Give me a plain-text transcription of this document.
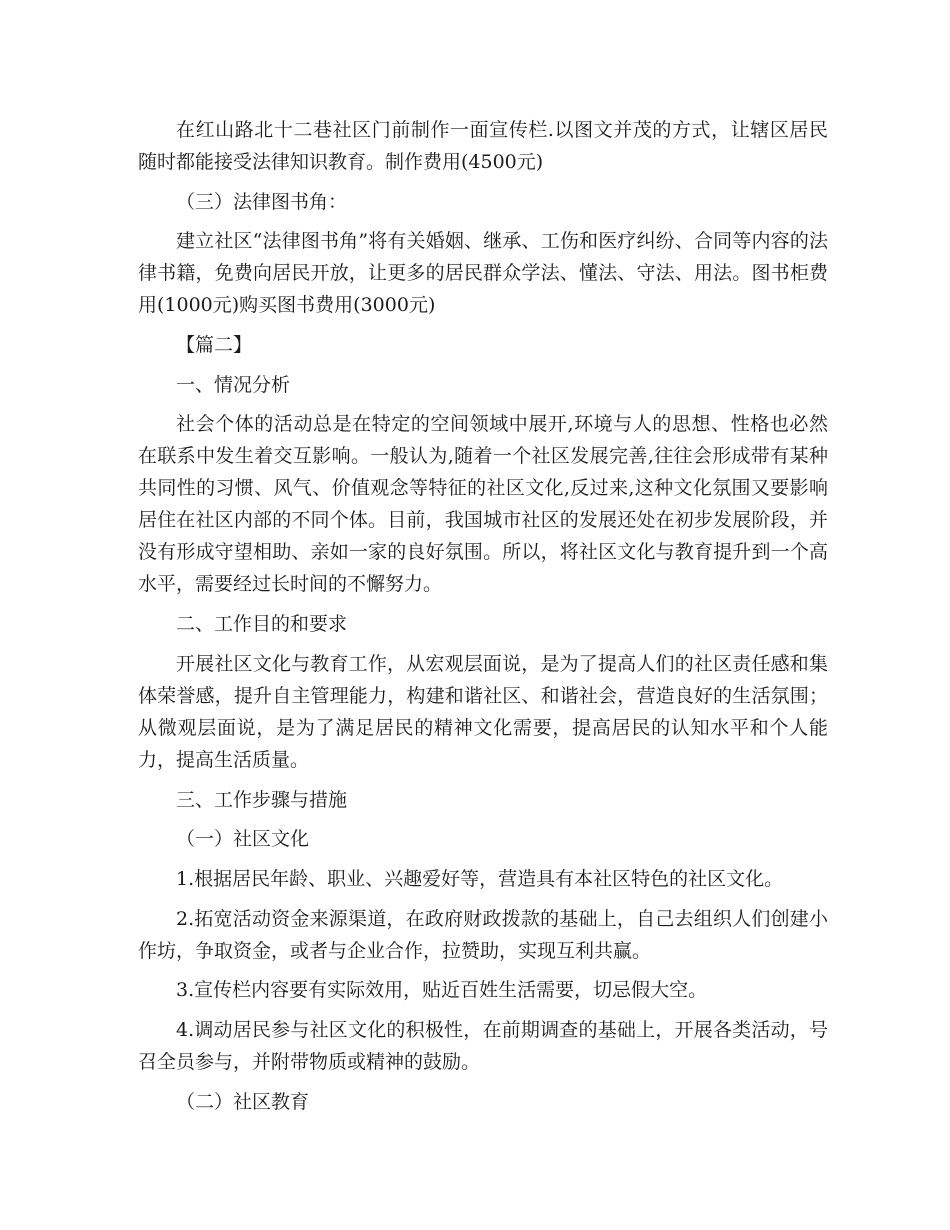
在红山路北十二巷社区门前制作一面宣传栏.以图文并茂的方式，让辖区居民随时都能接受法律知识教育。制作费用(4500元)

（三）法律图书角：

建立社区“法律图书角”将有关婚姻、继承、工伤和医疗纠纷、合同等内容的法律书籍，免费向居民开放，让更多的居民群众学法、懂法、守法、用法。图书柜费用(1000元)购买图书费用(3000元)

【篇二】

一、情况分析

社会个体的活动总是在特定的空间领域中展开,环境与人的思想、性格也必然在联系中发生着交互影响。一般认为,随着一个社区发展完善,往往会形成带有某种共同性的习惯、风气、价值观念等特征的社区文化,反过来,这种文化氛围又要影响居住在社区内部的不同个体。目前，我国城市社区的发展还处在初步发展阶段，并没有形成守望相助、亲如一家的良好氛围。所以，将社区文化与教育提升到一个高水平，需要经过长时间的不懈努力。

二、工作目的和要求

开展社区文化与教育工作，从宏观层面说，是为了提高人们的社区责任感和集体荣誉感，提升自主管理能力，构建和谐社区、和谐社会，营造良好的生活氛围；从微观层面说，是为了满足居民的精神文化需要，提高居民的认知水平和个人能力，提高生活质量。

三、工作步骤与措施

（一）社区文化

1.根据居民年龄、职业、兴趣爱好等，营造具有本社区特色的社区文化。

2.拓宽活动资金来源渠道，在政府财政拨款的基础上，自己去组织人们创建小作坊，争取资金，或者与企业合作，拉赞助，实现互利共赢。

3.宣传栏内容要有实际效用，贴近百姓生活需要，切忌假大空。

4.调动居民参与社区文化的积极性，在前期调查的基础上，开展各类活动，号召全员参与，并附带物质或精神的鼓励。

（二）社区教育
